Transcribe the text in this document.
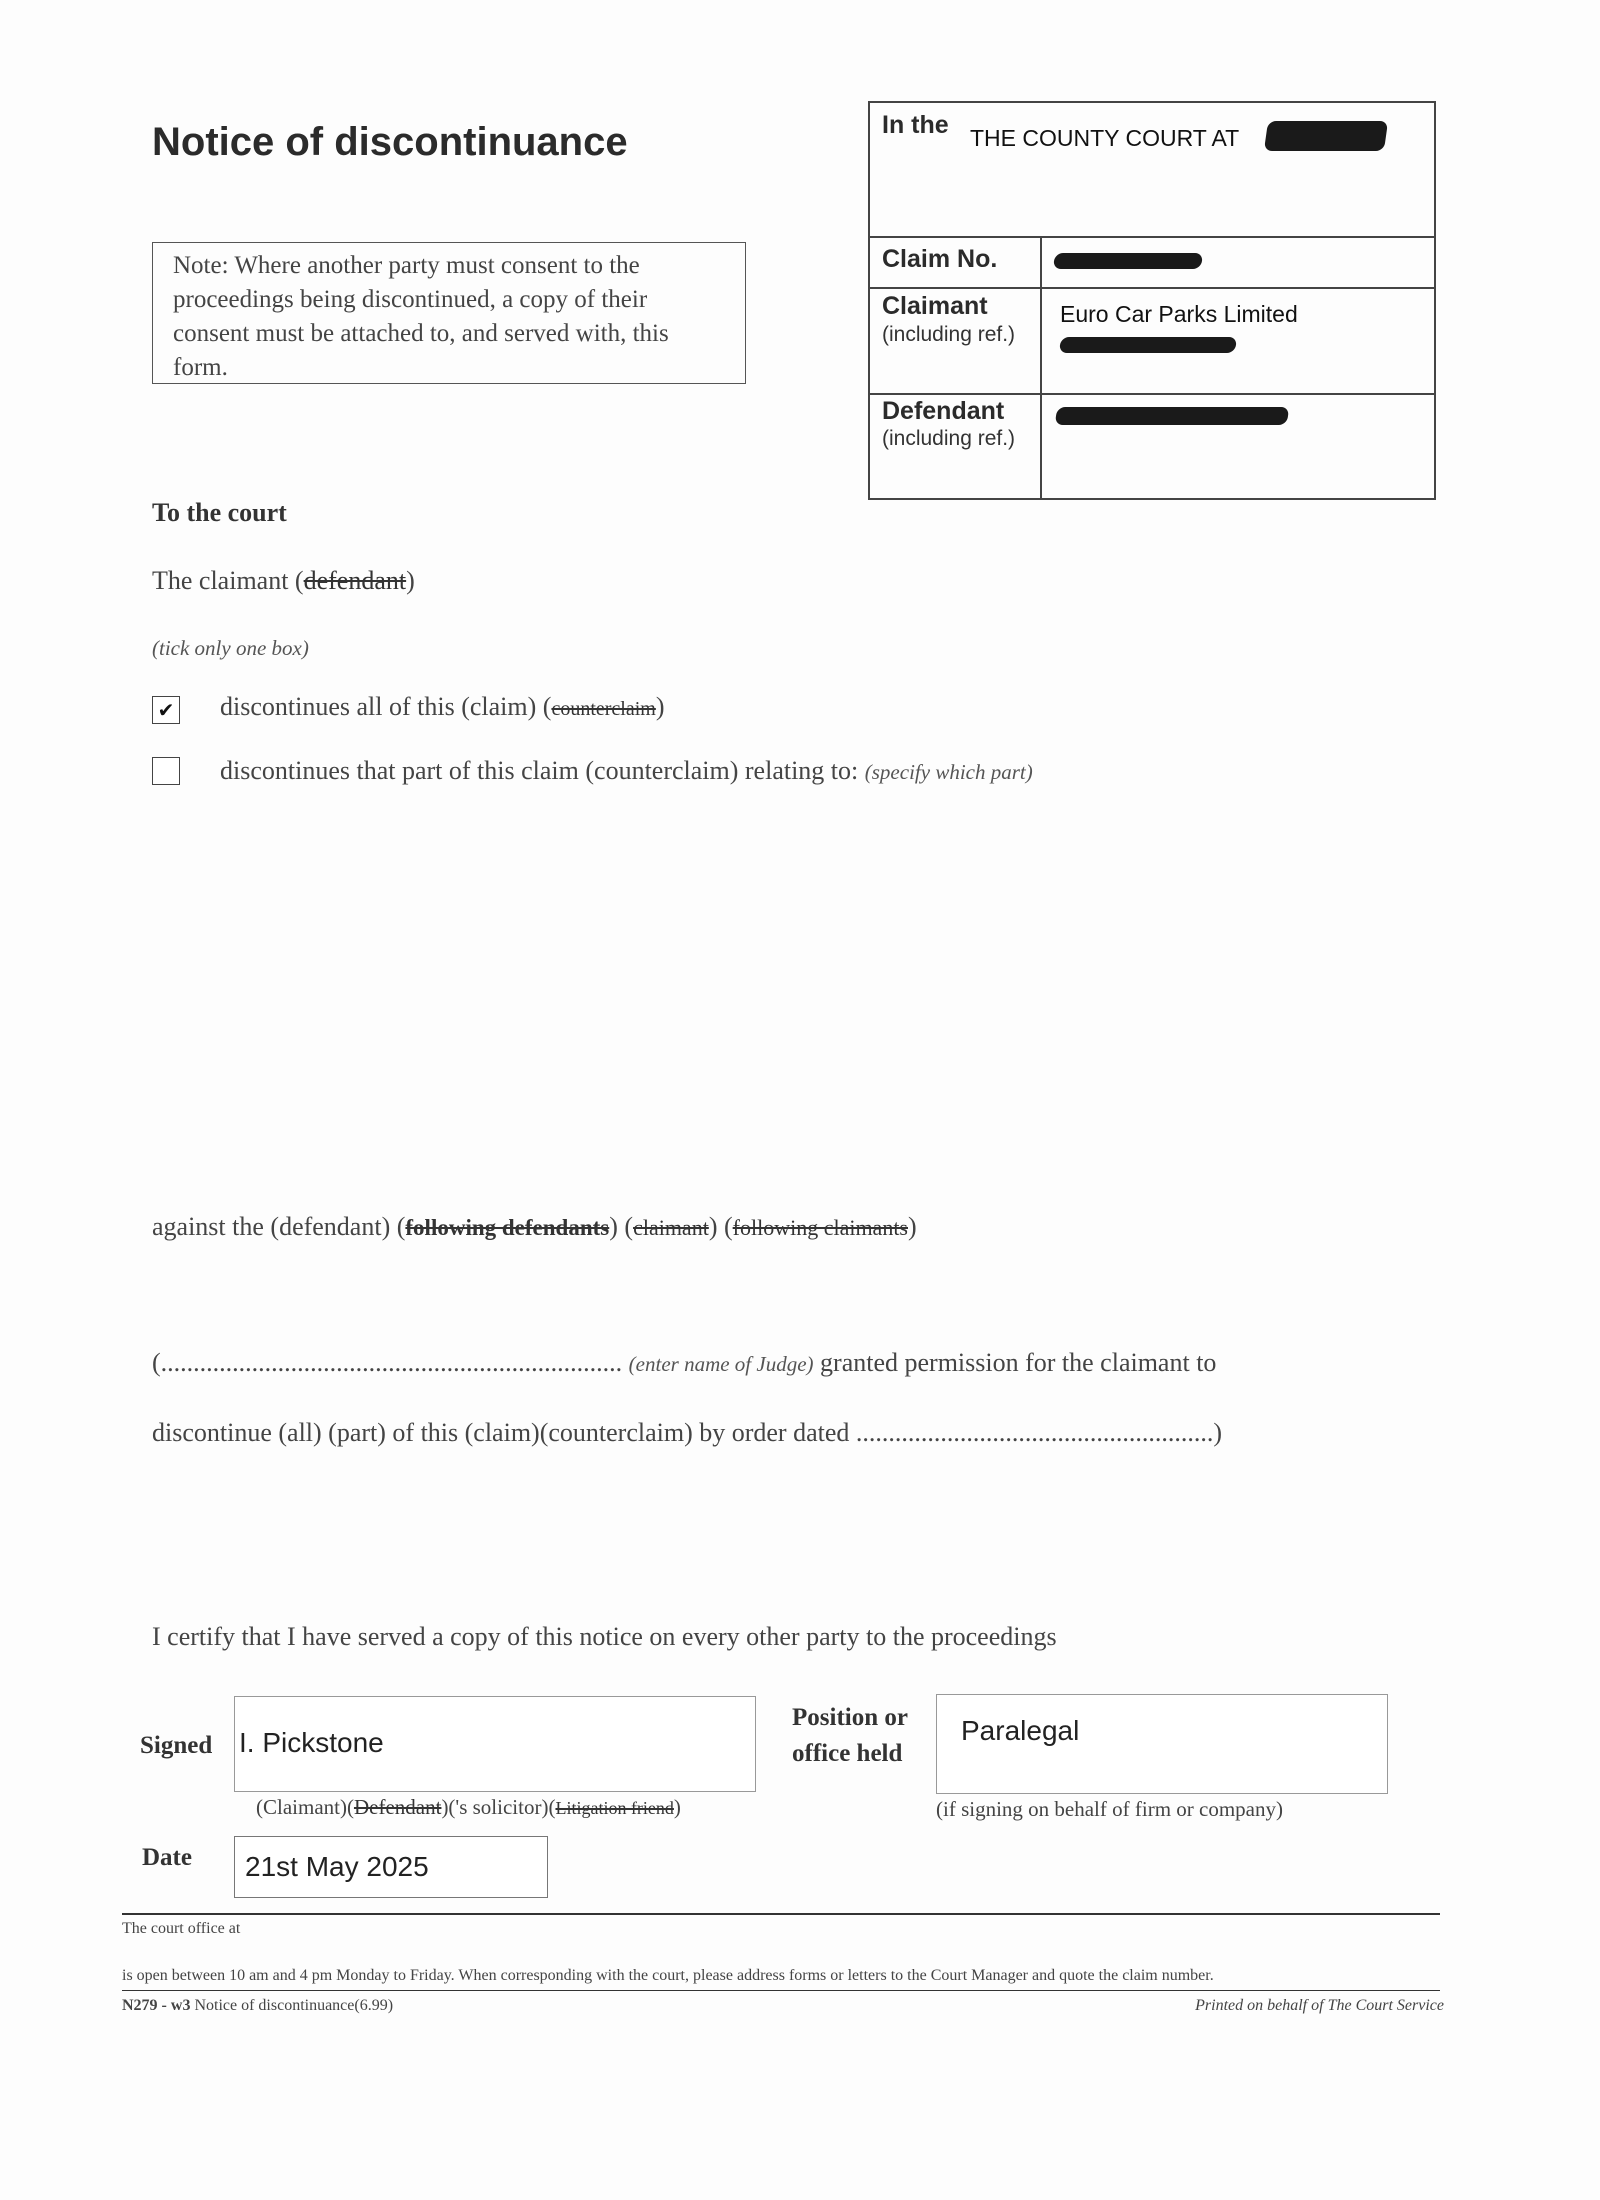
Notice of discontinuance
Note: Where another party must consent to the proceedings being discontinued, a copy of their consent must be attached to, and served with, this form.
In the THE COUNTY COURT AT
Claim No.
Claimant
(including ref.)
Euro Car Parks Limited
Defendant
(including ref.)
To the court
The claimant (defendant)
(tick only one box)
✔ discontinues all of this (claim) (counterclaim)
discontinues that part of this claim (counterclaim) relating to: (specify which part)
against the (defendant) (following defendants) (claimant) (following claimants)
(....................................................................... (enter name of Judge) granted permission for the claimant to
discontinue (all) (part) of this (claim)(counterclaim) by order dated .......................................................)
I certify that I have served a copy of this notice on every other party to the proceedings
Signed I. Pickstone
(Claimant)(Defendant)('s solicitor)(Litigation friend)
Position or
office held
Paralegal
(if signing on behalf of firm or company)
Date	21st May 2025
The court office at
is open between 10 am and 4 pm Monday to Friday. When corresponding with the court, please address forms or letters to the Court Manager and quote the claim number.
N279 - w3 Notice of discontinuance(6.99)	Printed on behalf of The Court Service
